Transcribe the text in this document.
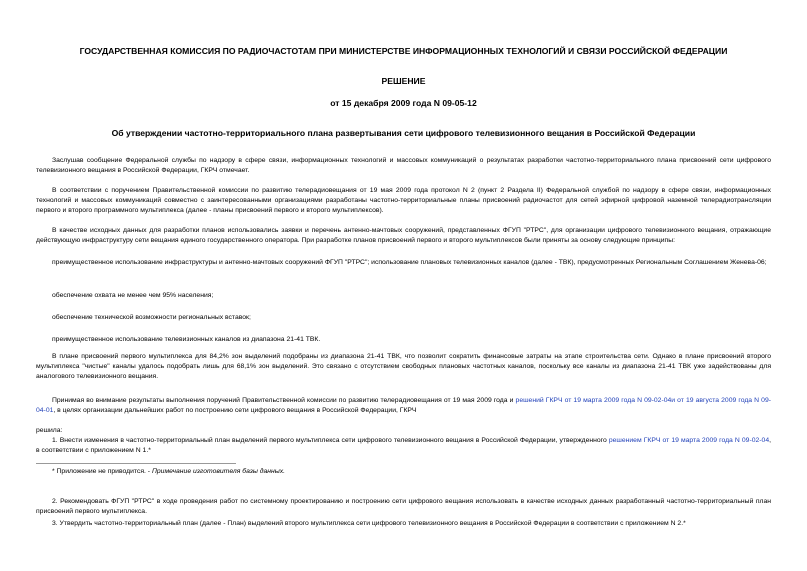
ГОСУДАРСТВЕННАЯ КОМИССИЯ ПО РАДИОЧАСТОТАМ ПРИ МИНИСТЕРСТВЕ ИНФОРМАЦИОННЫХ ТЕХНОЛОГИЙ И СВЯЗИ РОССИЙСКОЙ ФЕДЕРАЦИИ
РЕШЕНИЕ
от 15 декабря 2009 года N 09-05-12
Об утверждении частотно-территориального плана развертывания сети цифрового телевизионного вещания в Российской Федерации
Заслушав сообщение Федеральной службы по надзору в сфере связи, информационных технологий и массовых коммуникаций о результатах разработки частотно-территориального плана присвоений сети цифрового телевизионного вещания в Российской Федерации, ГКРЧ отмечает.
В соответствии с поручением Правительственной комиссии по развитию телерадиовещания от 19 мая 2009 года протокол N 2 (пункт 2 Раздела II) Федеральной службой по надзору в сфере связи, информационных технологий и массовых коммуникаций совместно с заинтересованными организациями разработаны частотно-территориальные планы присвоений радиочастот для сетей эфирной цифровой наземной телерадиотрансляции первого и второго программного мультиплекса (далее - планы присвоений первого и второго мультиплексов).
В качестве исходных данных для разработки планов использовались заявки и перечень антенно-мачтовых сооружений, представленных ФГУП "РТРС", для организации цифрового телевизионного вещания, отражающие действующую инфраструктуру сети вещания единого государственного оператора. При разработке планов присвоений первого и второго мультиплексов были приняты за основу следующие принципы:
преимущественное использование инфраструктуры и антенно-мачтовых сооружений ФГУП "РТРС"; использование плановых телевизионных каналов (далее - ТВК), предусмотренных Региональным Соглашением Женева-06;
обеспечение охвата не менее чем 95% населения;
обеспечение технической возможности региональных вставок;
преимущественное использование телевизионных каналов из диапазона 21-41 ТВК.
В плане присвоений первого мультиплекса для 84,2% зон выделений подобраны из диапазона 21-41 ТВК, что позволит сократить финансовые затраты на этапе строительства сети. Однако в плане присвоений второго мультиплекса "чистые" каналы удалось подобрать лишь для 68,1% зон выделений. Это связано с отсутствием свободных плановых частотных каналов, поскольку все каналы из диапазона 21-41 ТВК уже задействованы для аналогового телевизионного вещания.
Принимая во внимание результаты выполнения поручений Правительственной комиссии по развитию телерадиовещания от 19 мая 2009 года и решений ГКРЧ от 19 марта 2009 года N 09-02-04и от 19 августа 2009 года N 09-04-01, в целях организации дальнейших работ по построению сети цифрового вещания в Российской Федерации, ГКРЧ
решила:
1. Внести изменения в частотно-территориальный план выделений первого мультиплекса сети цифрового телевизионного вещания в Российской Федерации, утвержденного решением ГКРЧ от 19 марта 2009 года N 09-02-04, в соответствии с приложением N 1.*
* Приложение не приводится. - Примечание изготовителя базы данных.
2. Рекомендовать ФГУП "РТРС" в ходе проведения работ по системному проектированию и построению сети цифрового вещания использовать в качестве исходных данных разработанный частотно-территориальный план присвоений первого мультиплекса.
3. Утвердить частотно-территориальный план (далее - План) выделений второго мультиплекса сети цифрового телевизионного вещания в Российской Федерации в соответствии с приложением N 2.*
